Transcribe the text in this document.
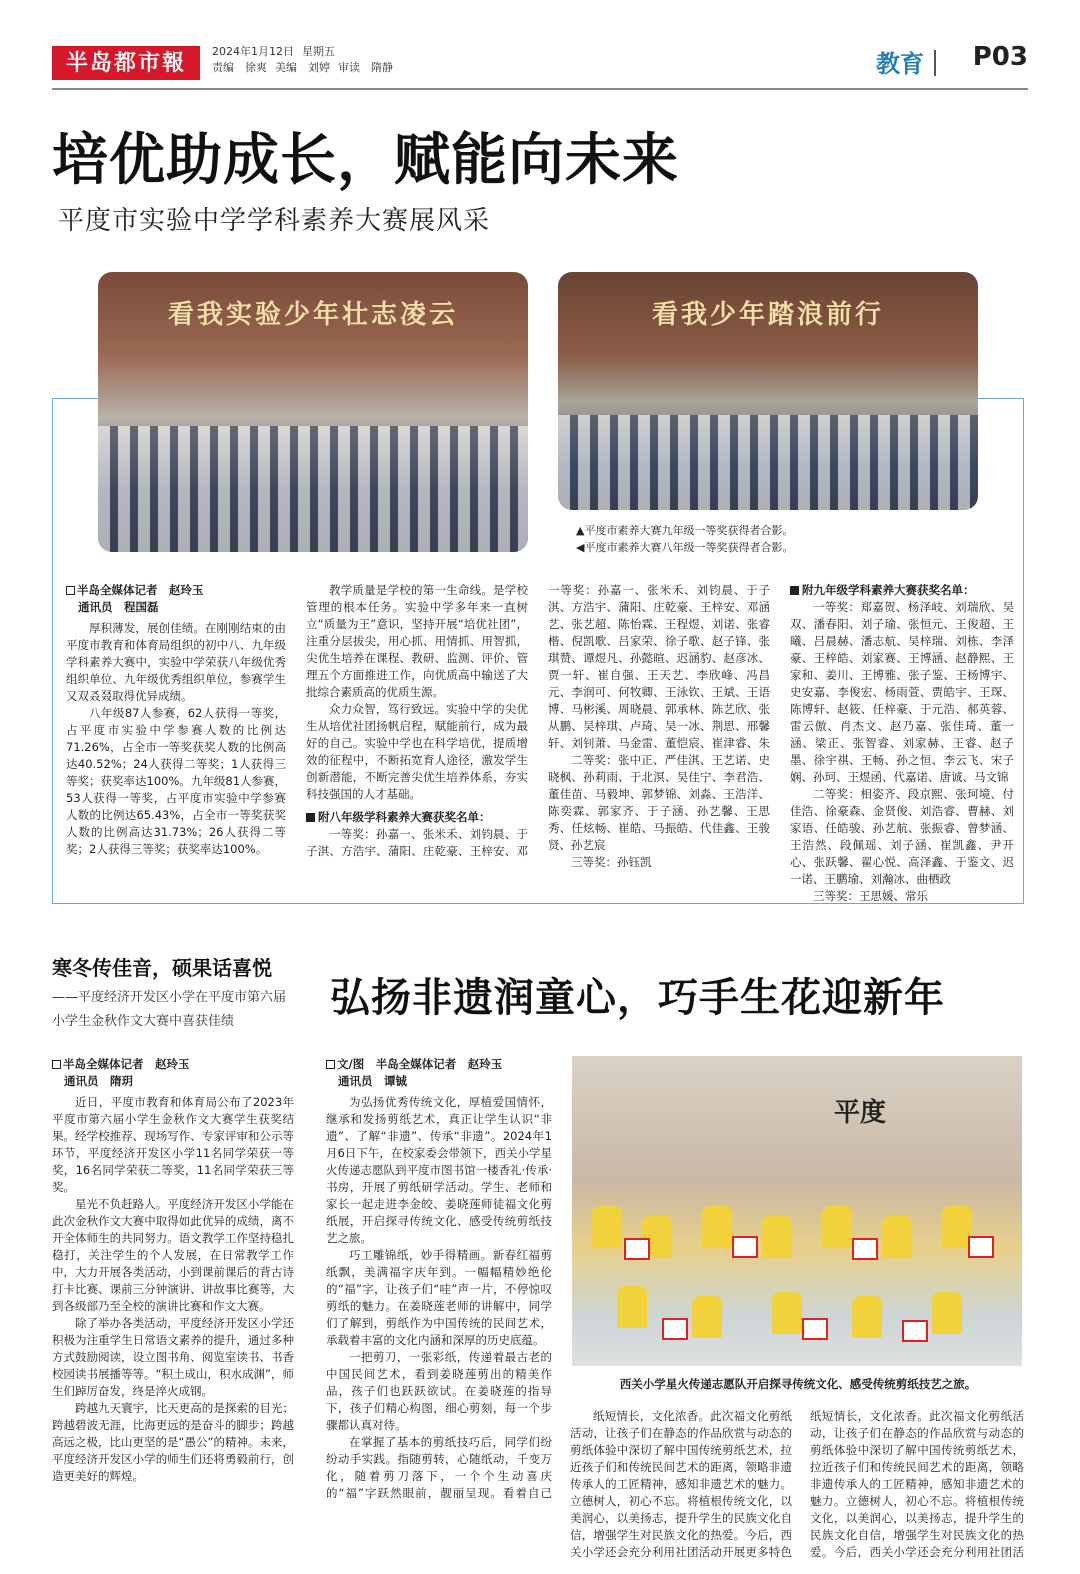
半岛都市報	2024年1月12日 星期五
责编　徐爽 美编　刘婷 审读　隋静	教育 P03
培优助成长，赋能向未来
平度市实验中学学科素养大赛展风采
看我实验少年壮志凌云	看我少年踏浪前行
▲平度市素养大赛九年级一等奖获得者合影。
◀平度市素养大赛八年级一等奖获得者合影。
半岛全媒体记者　赵玲玉
通讯员　程国磊

厚积薄发，展创佳绩。在刚刚结束的由平度市教育和体育局组织的初中八、九年级学科素养大赛中，实验中学荣获八年级优秀组织单位、九年级优秀组织单位，参赛学生又双叒叕取得优异成绩。

八年级87人参赛，62人获得一等奖，占平度市实验中学参赛人数的比例达71.26%，占全市一等奖获奖人数的比例高达40.52%；24人获得二等奖；1人获得三等奖；获奖率达100%。九年级81人参赛，53人获得一等奖，占平度市实验中学参赛人数的比例达65.43%，占全市一等奖获奖人数的比例高达31.73%；26人获得二等奖；2人获得三等奖；获奖率达100%。

教学质量是学校的第一生命线。是学校管理的根本任务。实验中学多年来一直树立“质量为王”意识，坚持开展“培优社团”，注重分层拔尖，用心抓、用情抓、用智抓，尖优生培养在课程、教研、监测、评价、管理五个方面推进工作，向优质高中输送了大批综合素质高的优质生源。

众力众智，笃行致远。实验中学的尖优生从培优社团扬帆启程，赋能前行，成为最好的自己。实验中学也在科学培优，提质增效的征程中，不断拓宽育人途径，激发学生创新潜能，不断完善尖优生培养体系，夯实科技强国的人才基础。

附八年级学科素养大赛获奖名单：

一等奖：孙嘉一、张米禾、刘钧晨、于子淇、方浩宇、蒲阳、庄乾豪、王梓安、邓

一等奖：孙嘉一、张米禾、刘钧晨、于子淇、方浩宇、蒲阳、庄乾豪、王梓安、邓涵艺、张艺超、陈怡霖、王程煜、刘诺、张睿楷、倪凯歌、吕家荣、徐子歌、赵子锋、张琪赞、谭煜凡、孙懿暄、迟涵豹、赵彦冰、贾一轩、崔自强、王天艺、李欣峰、冯昌元、李润可、何牧卿、王泳钦、王斌、王语博、马彬溪、周晓晨、郭承林、陈艺欣、张从鹏、吴梓琪、卢琦、吴一冰、荆思、邢馨轩、刘钊萧、马金雷、董恺宸、崔津睿、朱

二等奖：张中正、严佳淇、王艺诺、史晓枫、孙莉雨、于北溟、吴佳宁、李君浩、董佳苗、马毅坤、郭梦锦、刘淼、王浩洋、陈奕霖、郭家齐、于子涵、孙艺馨、王思秀、任炫畅、崔皓、马振皓、代佳鑫、王骏贤、孙艺宸

三等奖：孙钰凯

附九年级学科素养大赛获奖名单：

一等奖：郑嘉贺、杨泽岐、刘瑞欣、吴双、潘春阳、刘子瑜、张恒元、王俊超、王曦、吕晨赫、潘志航、吴梓瑞、刘栋、李泽豪、王梓皓、刘家赛、王博涵、赵静熙、王家和、姜川、王博雅、张子鉴、王杨博宇、史安嘉、李俊宏、杨雨萱、贾皓宇、王琛、陈博轩、赵筱、任梓豪、于元浩、郝英蓉、雷云傲、肖杰文、赵乃嘉、张佳琦、董一涵、梁正、张智睿、刘家赫、王睿、赵子墨、徐宇祺、王畅、孙之恒、李云飞、宋子娴、孙珂、王煜函、代嘉诺、唐诚、马文锦

二等奖：相姿齐、段京熙、张珂境、付佳浩、徐豪森、金贤俊、刘浩睿、曹赫、刘家语、任皓骏、孙艺航、张振睿、曾梦涵、王浩然、段佩瑶、刘子涵、崔凯鑫、尹开心、张跃馨、翟心悦、高泽鑫、于鉴文、迟一诺、王鹏瑜、刘瀚冰、曲栖政

三等奖：王思媛、常乐

寒冬传佳音，硕果话喜悦
——平度经济开发区小学在平度市第六届小学生金秋作文大赛中喜获佳绩
半岛全媒体记者　赵玲玉
通讯员　隋玥

近日，平度市教育和体育局公布了2023年平度市第六届小学生金秋作文大赛学生获奖结果。经学校推荐、现场写作、专家评审和公示等环节，平度经济开发区小学11名同学荣获一等奖，16名同学荣获二等奖，11名同学荣获三等奖。

星光不负赶路人。平度经济开发区小学能在此次金秋作文大赛中取得如此优异的成绩，离不开全体师生的共同努力。语文教学工作坚持稳扎稳打，关注学生的个人发展，在日常教学工作中，大力开展各类活动，小到课前课后的背古诗打卡比赛、课前三分钟演讲、讲故事比赛等，大到各级部乃至全校的演讲比赛和作文大赛。

除了举办各类活动，平度经济开发区小学还积极为注重学生日常语文素养的提升，通过多种方式鼓励阅读，设立图书角、阅览室读书、书香校园读书展播等等。“积土成山，积水成渊”，师生们踔厉奋发，终是淬火成钢。

跨越九天寰宇，比天更高的是探索的目光；跨越碧波无涯，比海更远的是奋斗的脚步；跨越高远之极，比山更坚的是“愚公”的精神。未来，平度经济开发区小学的师生们还将勇毅前行，创造更美好的辉煌。

弘扬非遗润童心，巧手生花迎新年
文/图　半岛全媒体记者　赵玲玉
通讯员　谭铖

为弘扬优秀传统文化，厚植爱国情怀，继承和发扬剪纸艺术，真正让学生认识“非遗”、了解“非遗”、传承“非遗”。2024年1月6日下午，在校家委会带领下，西关小学星火传递志愿队到平度市图书馆一楼香礼·传承·书房，开展了剪纸研学活动。学生、老师和家长一起走进李金皎、姜晓莲师徒福文化剪纸展，开启探寻传统文化、感受传统剪纸技艺之旅。

巧工雕锦纸，妙手得精画。新春红福剪纸飘，美满福字庆年到。一幅幅精妙绝伦的“福”字，让孩子们“哇”声一片，不停惊叹剪纸的魅力。在姜晓莲老师的讲解中，同学们了解到，剪纸作为中国传统的民间艺术，承载着丰富的文化内涵和深厚的历史底蕴。

一把剪刀，一张彩纸，传递着最古老的中国民间艺术，看到姜晓莲剪出的精美作品，孩子们也跃跃欲试。在姜晓莲的指导下，孩子们精心构图，细心剪刻，每一个步骤都认真对待。

在掌握了基本的剪纸技巧后，同学们纷纷动手实践。指随剪转，心随纸动，千变万化，随着剪刀落下，一个个生动喜庆的“福”字跃然眼前，靓丽呈现。看着自己

平度
西关小学星火传递志愿队开启探寻传统文化、感受传统剪纸技艺之旅。

纸短情长，文化浓香。此次福文化剪纸活动，让孩子们在静态的作品欣赏与动态的剪纸体验中深切了解中国传统剪纸艺术，拉近孩子们和传统民间艺术的距离，领略非遗传承人的工匠精神，感知非遗艺术的魅力。立德树人，初心不忘。将植根传统文化，以美润心，以美扬志，提升学生的民族文化自信，增强学生对民族文化的热爱。今后，西关小学还会充分利用社团活动开展更多特色

纸短情长，文化浓香。此次福文化剪纸活动，让孩子们在静态的作品欣赏与动态的剪纸体验中深切了解中国传统剪纸艺术，拉近孩子们和传统民间艺术的距离，领略非遗传承人的工匠精神，感知非遗艺术的魅力。立德树人，初心不忘。将植根传统文化，以美润心，以美扬志，提升学生的民族文化自信，增强学生对民族文化的热爱。今后，西关小学还会充分利用社团活
